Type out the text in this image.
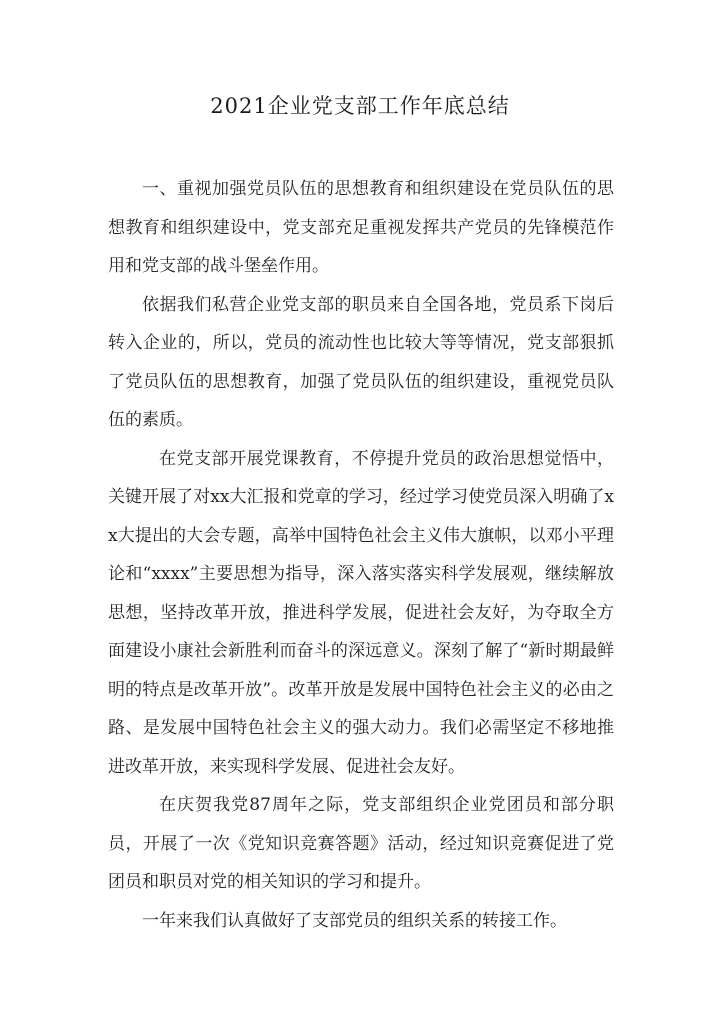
2021企业党支部工作年底总结

一、重视加强党员队伍的思想教育和组织建设在党员队伍的思想教育和组织建设中，党支部充足重视发挥共产党员的先锋模范作用和党支部的战斗堡垒作用。

依据我们私营企业党支部的职员来自全国各地，党员系下岗后转入企业的，所以，党员的流动性也比较大等等情况，党支部狠抓了党员队伍的思想教育，加强了党员队伍的组织建设，重视党员队伍的素质。

在党支部开展党课教育，不停提升党员的政治思想觉悟中，关键开展了对xx大汇报和党章的学习，经过学习使党员深入明确了xx大提出的大会专题，高举中国特色社会主义伟大旗帜，以邓小平理论和“xxxx”主要思想为指导，深入落实落实科学发展观，继续解放思想，坚持改革开放，推进科学发展，促进社会友好，为夺取全方面建设小康社会新胜利而奋斗的深远意义。深刻了解了“新时期最鲜明的特点是改革开放”。改革开放是发展中国特色社会主义的必由之路、是发展中国特色社会主义的强大动力。我们必需坚定不移地推进改革开放，来实现科学发展、促进社会友好。

在庆贺我党87周年之际，党支部组织企业党团员和部分职员，开展了一次《党知识竞赛答题》活动，经过知识竞赛促进了党团员和职员对党的相关知识的学习和提升。

一年来我们认真做好了支部党员的组织关系的转接工作。
